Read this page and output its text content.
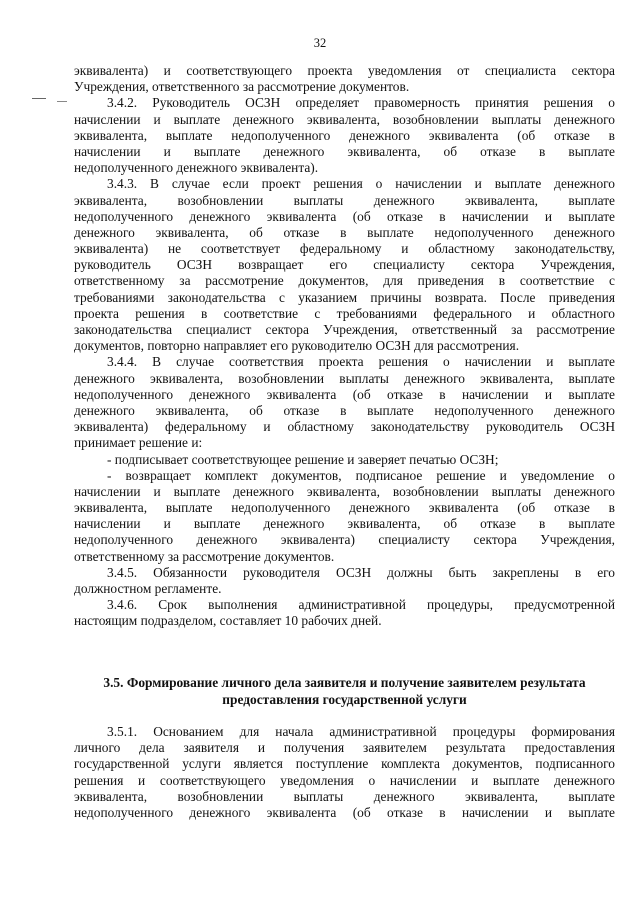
32
эквивалента) и соответствующего проекта уведомления от специалиста сектора
Учреждения, ответственного за рассмотрение документов.
3.4.2. Руководитель ОСЗН определяет правомерность принятия решения о
начислении и выплате денежного эквивалента, возобновлении выплаты денежного
эквивалента, выплате недополученного денежного эквивалента (об отказе в
начислении и выплате денежного эквивалента, об отказе в выплате
недополученного денежного эквивалента).
3.4.3. В случае если проект решения о начислении и выплате денежного
эквивалента, возобновлении выплаты денежного эквивалента, выплате
недополученного денежного эквивалента (об отказе в начислении и выплате
денежного эквивалента, об отказе в выплате недополученного денежного
эквивалента) не соответствует федеральному и областному законодательству,
руководитель ОСЗН возвращает его специалисту сектора Учреждения,
ответственному за рассмотрение документов, для приведения в соответствие с
требованиями законодательства с указанием причины возврата. После приведения
проекта решения в соответствие с требованиями федерального и областного
законодательства специалист сектора Учреждения, ответственный за рассмотрение
документов, повторно направляет его руководителю ОСЗН для рассмотрения.
3.4.4. В случае соответствия проекта решения о начислении и выплате
денежного эквивалента, возобновлении выплаты денежного эквивалента, выплате
недополученного денежного эквивалента (об отказе в начислении и выплате
денежного эквивалента, об отказе в выплате недополученного денежного
эквивалента) федеральному и областному законодательству руководитель ОСЗН
принимает решение и:
- подписывает соответствующее решение и заверяет печатью ОСЗН;
- возвращает комплект документов, подписаное решение и уведомление о
начислении и выплате денежного эквивалента, возобновлении выплаты денежного
эквивалента, выплате недополученного денежного эквивалента (об отказе в
начислении и выплате денежного эквивалента, об отказе в выплате
недополученного денежного эквивалента) специалисту сектора Учреждения,
ответственному за рассмотрение документов.
3.4.5. Обязанности руководителя ОСЗН должны быть закреплены в его
должностном регламенте.
3.4.6. Срок выполнения административной процедуры, предусмотренной
настоящим подразделом, составляет 10 рабочих дней.
3.5. Формирование личного дела заявителя и получение заявителем результата
предоставления государственной услуги
3.5.1. Основанием для начала административной процедуры формирования
личного дела заявителя и получения заявителем результата предоставления
государственной услуги является поступление комплекта документов, подписанного
решения и соответствующего уведомления о начислении и выплате денежного
эквивалента, возобновлении выплаты денежного эквивалента, выплате
недополученного денежного эквивалента (об отказе в начислении и выплате
